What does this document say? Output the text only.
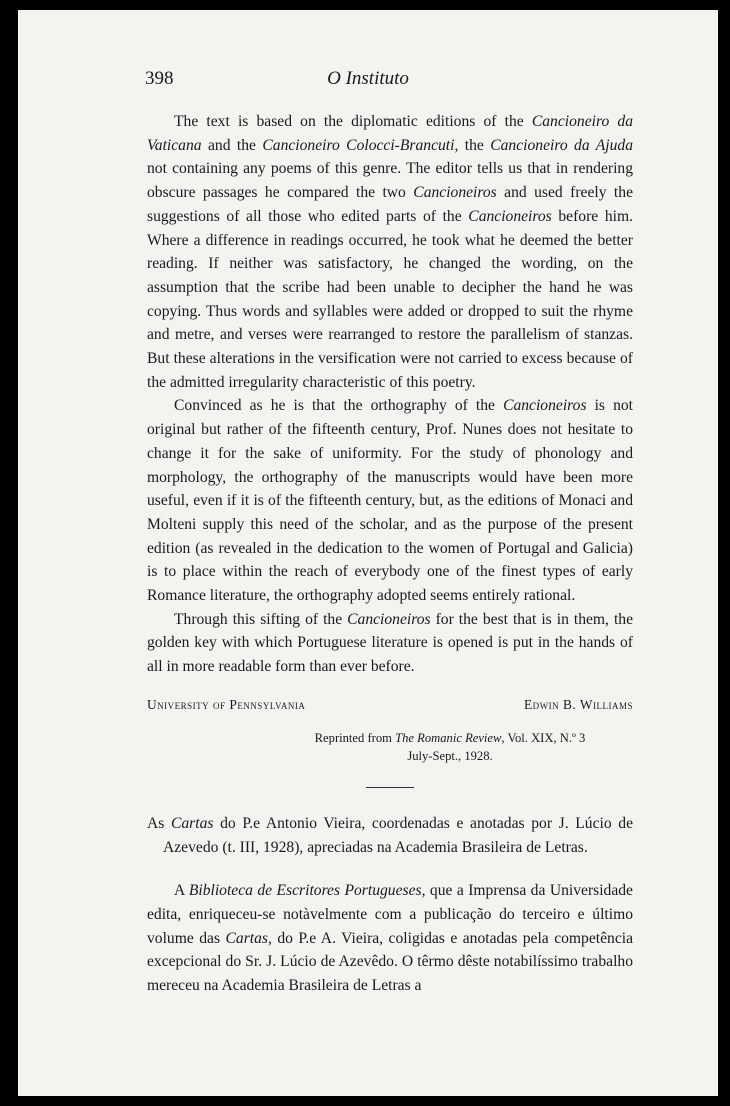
398	O Instituto

The text is based on the diplomatic editions of the Cancioneiro da Vaticana and the Cancioneiro Colocci-Brancuti, the Cancioneiro da Ajuda not containing any poems of this genre. The editor tells us that in rendering obscure passages he compared the two Cancioneiros and used freely the suggestions of all those who edited parts of the Cancioneiros before him. Where a difference in readings occurred, he took what he deemed the better reading. If neither was satisfactory, he changed the wording, on the assumption that the scribe had been unable to decipher the hand he was copying. Thus words and syllables were added or dropped to suit the rhyme and metre, and verses were rearranged to restore the parallelism of stanzas. But these alterations in the versification were not carried to excess because of the admitted irregularity characteristic of this poetry.

Convinced as he is that the orthography of the Cancioneiros is not original but rather of the fifteenth century, Prof. Nunes does not hesitate to change it for the sake of uniformity. For the study of phonology and morphology, the orthography of the manuscripts would have been more useful, even if it is of the fifteenth century, but, as the editions of Monaci and Molteni supply this need of the scholar, and as the purpose of the present edition (as revealed in the dedication to the women of Portugal and Galicia) is to place within the reach of everybody one of the finest types of early Romance literature, the orthography adopted seems entirely rational.

Through this sifting of the Cancioneiros for the best that is in them, the golden key with which Portuguese literature is opened is put in the hands of all in more readable form than ever before.

University of Pennsylvania	Edwin B. Williams
Reprinted from The Romanic Review, Vol. XIX, N.º 3
July-Sept., 1928.

As Cartas do P.e Antonio Vieira, coordenadas e anotadas por J. Lúcio de Azevedo (t. III, 1928), apreciadas na Academia Brasileira de Letras.

A Biblioteca de Escritores Portugueses, que a Imprensa da Universidade edita, enriqueceu-se notàvelmente com a publicação do terceiro e último volume das Cartas, do P.e A. Vieira, coligidas e anotadas pela competência excepcional do Sr. J. Lúcio de Azevêdo. O têrmo dêste notabilíssimo trabalho mereceu na Academia Brasileira de Letras a
